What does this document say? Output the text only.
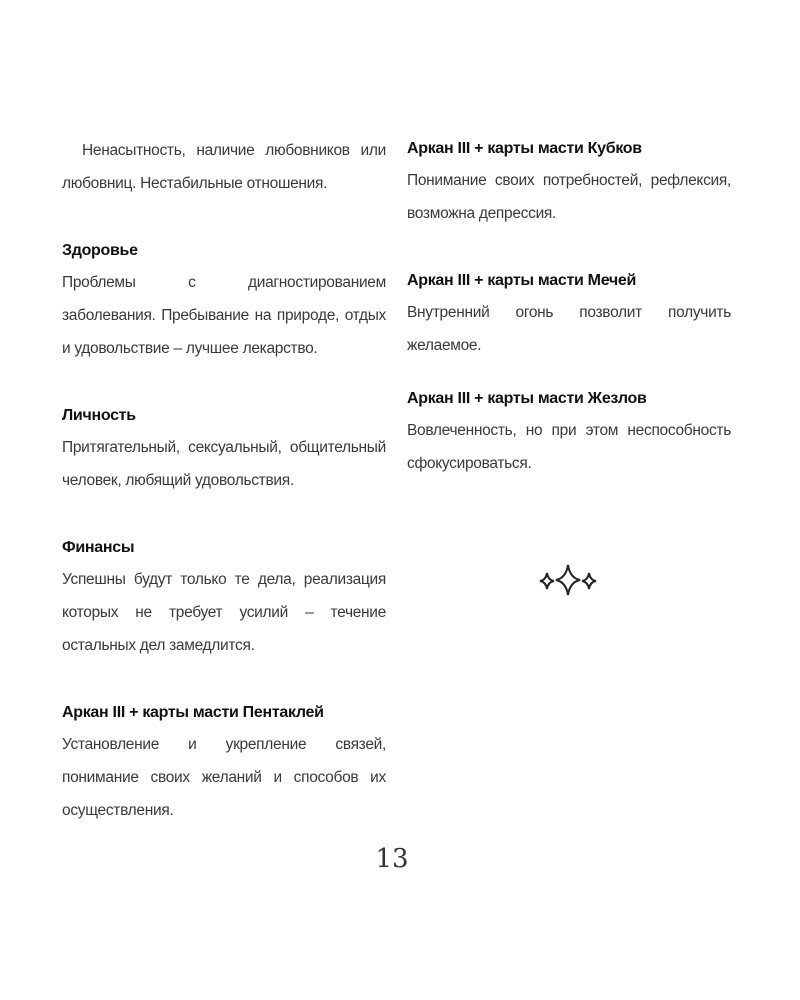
Ненасытность, наличие любовников или любовниц. Нестабильные отношения.

Здоровье

Проблемы с диагностированием заболевания. Пребывание на природе, отдых и удовольствие – лучшее лекарство.

Личность

Притягательный, сексуальный, общительный человек, любящий удовольствия.

Финансы

Успешны будут только те дела, реализация которых не требует усилий – течение остальных дел замедлится.

Аркан III + карты масти Пентаклей

Установление и укрепление связей, понимание своих желаний и способов их осуществления.

Аркан III + карты масти Кубков

Понимание своих потребностей, рефлексия, возможна депрессия.

Аркан III + карты масти Мечей

Внутренний огонь позволит получить желаемое.

Аркан III + карты масти Жезлов

Вовлеченность, но при этом неспособность сфокусироваться.

13
